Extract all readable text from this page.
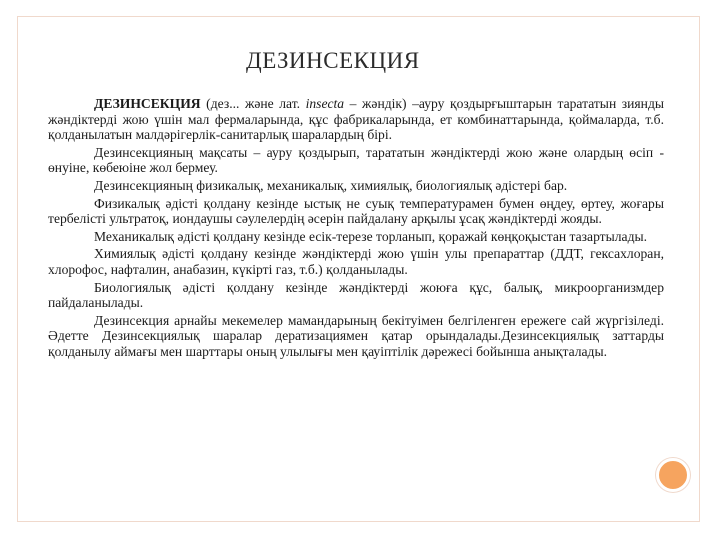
ДЕЗИНСЕКЦИЯ

ДЕЗИНСЕКЦИЯ (дез... және лат. insecta – жәндік) –ауру қоздырғыштарын тарататын зиянды жәндіктерді жою үшін мал фермаларында, құс фабрикаларында, ет комбинаттарында, қоймаларда, т.б. қолданылатын малдәрігерлік-санитарлық шаралардың бірі.

Дезинсекцияның мақсаты – ауру қоздырып, тарататын жәндіктерді жою және олардың өсіп - өнуіне, көбеюіне жол бермеу.

Дезинсекцияның физикалық, механикалық, химиялық, биологиялық әдістері бар.

Физикалық әдісті қолдану кезінде ыстық не суық температурамен бумен өңдеу, өртеу, жоғары тербелісті ультратоқ, иондаушы сәулелердің әсерін пайдалану арқылы ұсақ жәндіктерді жояды.

Механикалық әдісті қолдану кезінде есік-терезе торланып, қоражай көңқоқыстан тазартылады.

Химиялық әдісті қолдану кезінде жәндіктерді жою үшін улы препараттар (ДДТ, гексахлоран, хлорофос, нафталин, анабазин, күкірті газ, т.б.) қолданылады.

Биологиялық әдісті қолдану кезінде жәндіктерді жоюға құс, балық, микроорганизмдер пайдаланылады.

Дезинсекция арнайы мекемелер мамандарының бекітуімен белгіленген ережеге сай жүргізіледі. Әдетте Дезинсекциялық шаралар дератизациямен қатар орындалады.Дезинсекциялық заттарды қолданылу аймағы мен шарттары оның улылығы мен қауіптілік дәрежесі бойынша анықталады.
